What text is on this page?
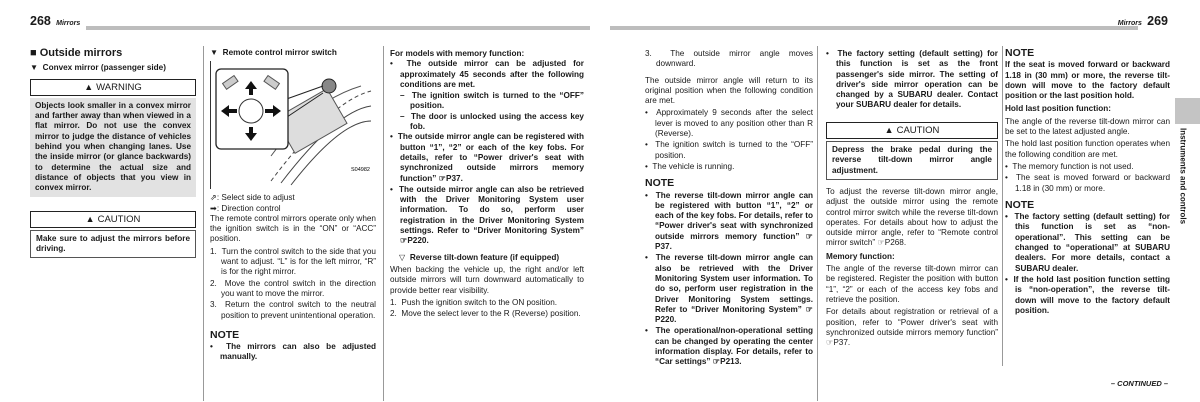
268 Mirrors
■ Outside mirrors
▼  Convex mirror (passenger side)
▲ WARNING
Objects look smaller in a convex mirror and farther away than when viewed in a flat mirror. Do not use the convex mirror to judge the distance of vehicles behind you when changing lanes. Use the inside mirror (or glance backwards) to determine the actual size and distance of objects that you view in convex mirror.
▲ CAUTION
Make sure to adjust the mirrors before driving.
▼  Remote control mirror switch
S04982
⇗: Select side to adjust
➡: Direction control

The remote control mirrors operate only when the ignition switch is in the “ON” or “ACC” position.

1.  Turn the control switch to the side that you want to adjust. “L” is for the left mirror, “R” is for the right mirror.
2.  Move the control switch in the direction you want to move the mirror.
3.  Return the control switch to the neutral position to prevent unintentional operation.
NOTE
•  The mirrors can also be adjusted manually.
For models with memory function:
•  The outside mirror can be adjusted for approximately 45 seconds after the following conditions are met.
–  The ignition switch is turned to the “OFF” position.
–  The door is unlocked using the access key fob.
•  The outside mirror angle can be registered with button “1”, “2” or each of the key fobs. For details, refer to “Power driver's seat with synchronized outside mirrors memory function” ☞P37.
•  The outside mirror angle can also be retrieved with the Driver Monitoring System user information. To do so, perform user registration in the Driver Monitoring System settings. Refer to “Driver Monitoring System” ☞P220.
▽ Reverse tilt-down feature (if equipped)

When backing the vehicle up, the right and/or left outside mirrors will turn downward automatically to provide better rear visibility.

1.  Push the ignition switch to the ON position.
2.  Move the select lever to the R (Reverse) position.
Mirrors 269
3.  The outside mirror angle moves downward.

The outside mirror angle will return to its original position when the following condition are met.

•  Approximately 9 seconds after the select lever is moved to any position other than R (Reverse).
•  The ignition switch is turned to the “OFF” position.
•  The vehicle is running.
NOTE
•  The reverse tilt-down mirror angle can be registered with button “1”, “2” or each of the key fobs. For details, refer to “Power driver's seat with synchronized outside mirrors memory function” ☞P37.
•  The reverse tilt-down mirror angle can also be retrieved with the Driver Monitoring System user information. To do so, perform user registration in the Driver Monitoring System settings. Refer to “Driver Monitoring System” ☞P220.
•  The operational/non-operational setting can be changed by operating the center information display. For details, refer to “Car settings” ☞P213.
•  The factory setting (default setting) for this function is set as the front passenger's side mirror. The setting of driver's side mirror operation can be changed by a SUBARU dealer. Contact your SUBARU dealer for details.
▲ CAUTION
Depress the brake pedal during the reverse tilt-down mirror angle adjustment.

To adjust the reverse tilt-down mirror angle, adjust the outside mirror using the remote control mirror switch while the reverse tilt-down operates. For details about how to adjust the outside mirror angle, refer to “Remote control mirror switch” ☞P268.

Memory function:

The angle of the reverse tilt-down mirror can be registered. Register the position with button “1”, “2” or each of the access key fobs and retrieve the position.

For details about registration or retrieval of a position, refer to “Power driver's seat with synchronized outside mirrors memory function” ☞P37.

NOTE

If the seat is moved forward or backward 1.18 in (30 mm) or more, the reverse tilt-down will move to the factory default position or the last position hold.

Hold last position function:

The angle of the reverse tilt-down mirror can be set to the latest adjusted angle.

The hold last position function operates when the following condition are met.

•  The memory function is not used.
•  The seat is moved forward or backward 1.18 in (30 mm) or more.
NOTE
•  The factory setting (default setting) for this function is set as “non-operational”. This setting can be changed to “operational” at SUBARU dealers. For more details, contact a SUBARU dealer.
•  If the hold last position function setting is “non-operation”, the reverse tilt-down will move to the factory default position.
Instruments and controls
– CONTINUED –
